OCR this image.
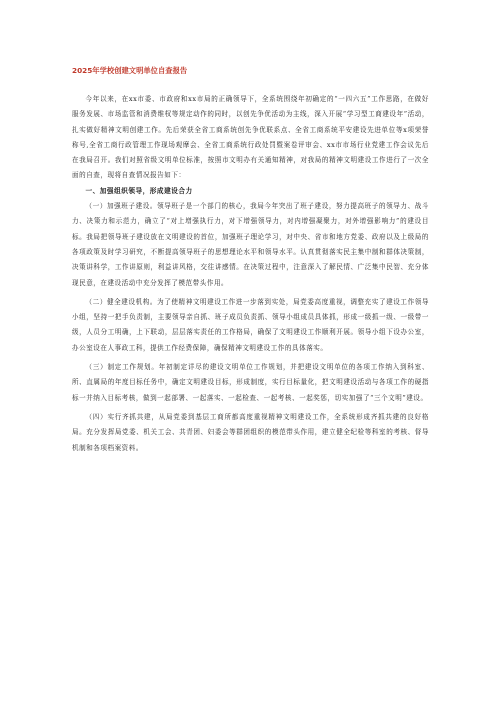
2025年学校创建文明单位自查报告

今年以来，在xx市委、市政府和xx市局的正确领导下，全系统围绕年初确定的“一四六五”工作思路，在做好服务发展、市场监管和消费维权等规定动作的同时，以创先争优活动为主线，深入开展“学习型工商建设年”活动，扎实做好精神文明创建工作。先后荣获全省工商系统创先争优联系点、全省工商系统平安建设先进单位等x项荣誉称号,全省工商行政管理工作现场观摩会、全省工商系统行政处罚暨案卷评审会、xx市市场行业党建工作会议先后在我局召开。我们对照省级文明单位标准，按照市文明办有关通知精神，对我局的精神文明建设工作进行了一次全面的自查，现将自查情况报告如下：

一、加强组织领导，形成建设合力

（一）加强班子建设。领导班子是一个部门的核心，我局今年突出了班子建设，努力提高班子的领导力、战斗力、决策力和示范力，确立了“对上增强执行力，对下增强领导力，对内增强凝聚力，对外增强影响力”的建设目标。我局把领导班子建设放在文明建设的首位，加强班子理论学习，对中央、省市和地方党委、政府以及上级局的各项政策及时学习研究，不断提高领导班子的思想理论水平和领导水平。认真贯彻落实民主集中制和群体决策制，决策讲科学，工作讲原则，利益讲风格，交往讲感情。在决策过程中，注意深入了解民情、广泛集中民智、充分体现民意，在建设活动中充分发挥了模范带头作用。

（二）健全建设机构。为了使精神文明建设工作进一步落到实处，局党委高度重视，调整充实了建设工作领导小组，坚持一把手负责制，主要领导亲自抓、班子成员负责抓、领导小组成员具体抓，形成一级抓一级、一级带一级，人员分工明确，上下联动，层层落实责任的工作格局，确保了文明建设工作顺利开展。领导小组下设办公室，办公室设在人事政工科，提供工作经费保障，确保精神文明建设工作的具体落实。

（三）制定工作规划。年初制定详尽的建设文明单位工作规划，并把建设文明单位的各项工作纳入到科室、所、直属局的年度目标任务中，确定文明建设目标，形成制度，实行目标量化，把文明建设活动与各项工作的硬指标一并纳入目标考核，做到一起部署、一起落实、一起检查、一起考核、一起奖惩，切实加强了“三个文明”建设。

（四）实行齐抓共建，从局党委到基层工商所都高度重视精神文明建设工作，全系统形成齐抓共建的良好格局。充分发挥局党委、机关工会、共青团、妇委会等群团组织的模范带头作用，建立健全纪检等科室的考核、督导机制和各项档案资料。
